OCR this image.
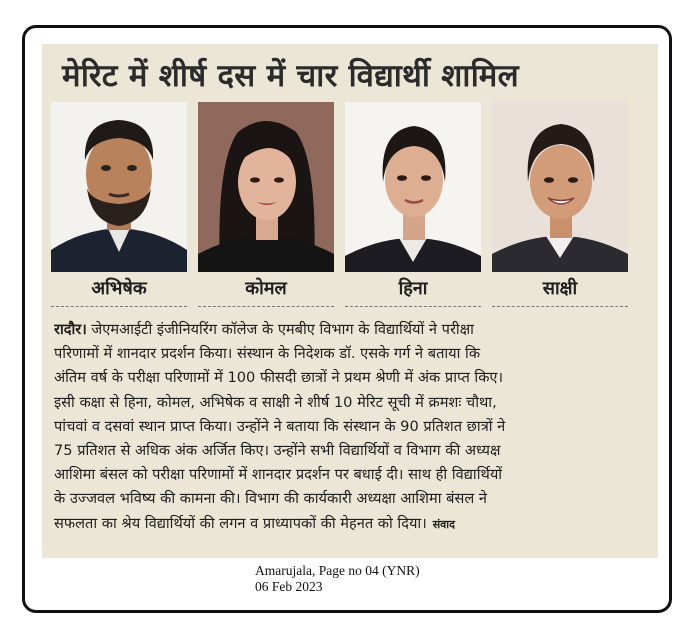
मेरिट में शीर्ष दस में चार विद्यार्थी शामिल
अभिषेक	कोमल	हिना	साक्षी
रादौर। जेएमआईटी इंजीनियरिंग कॉलेज के एमबीए विभाग के विद्यार्थियों ने परीक्षा
परिणामों में शानदार प्रदर्शन किया। संस्थान के निदेशक डॉ. एसके गर्ग ने बताया कि
अंतिम वर्ष के परीक्षा परिणामों में 100 फीसदी छात्रों ने प्रथम श्रेणी में अंक प्राप्त किए।
इसी कक्षा से हिना, कोमल, अभिषेक व साक्षी ने शीर्ष 10 मेरिट सूची में क्रमशः चौथा,
पांचवां व दसवां स्थान प्राप्त किया। उन्होंने ने बताया कि संस्थान के 90 प्रतिशत छात्रों ने
75 प्रतिशत से अधिक अंक अर्जित किए। उन्होंने सभी विद्यार्थियों व विभाग की अध्यक्ष
आशिमा बंसल को परीक्षा परिणामों में शानदार प्रदर्शन पर बधाई दी। साथ ही विद्यार्थियों
के उज्जवल भविष्य की कामना की। विभाग की कार्यकारी अध्यक्षा आशिमा बंसल ने
सफलता का श्रेय विद्यार्थियों की लगन व प्राध्यापकों की मेहनत को दिया। संवाद
Amarujala, Page no 04 (YNR)
06 Feb 2023
